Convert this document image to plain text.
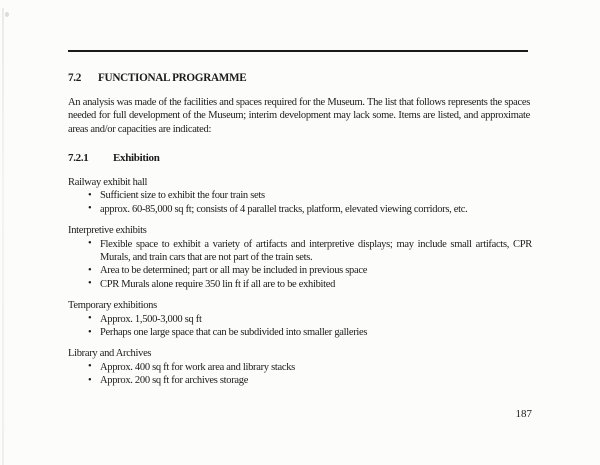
7.2 FUNCTIONAL PROGRAMME

An analysis was made of the facilities and spaces required for the Museum. The list that follows represents the spaces needed for full development of the Museum; interim development may lack some. Items are listed, and approximate areas and/or capacities are indicated:

7.2.1 Exhibition
Railway exhibit hall
• Sufficient size to exhibit the four train sets
• approx. 60-85,000 sq ft; consists of 4 parallel tracks, platform, elevated viewing corridors, etc.
Interpretive exhibits
• Flexible space to exhibit a variety of artifacts and interpretive displays; may include small artifacts, CPR Murals, and train cars that are not part of the train sets.
• Area to be determined; part or all may be included in previous space
• CPR Murals alone require 350 lin ft if all are to be exhibited
Temporary exhibitions
• Approx. 1,500-3,000 sq ft
• Perhaps one large space that can be subdivided into smaller galleries
Library and Archives
• Approx. 400 sq ft for work area and library stacks
• Approx. 200 sq ft for archives storage
187
